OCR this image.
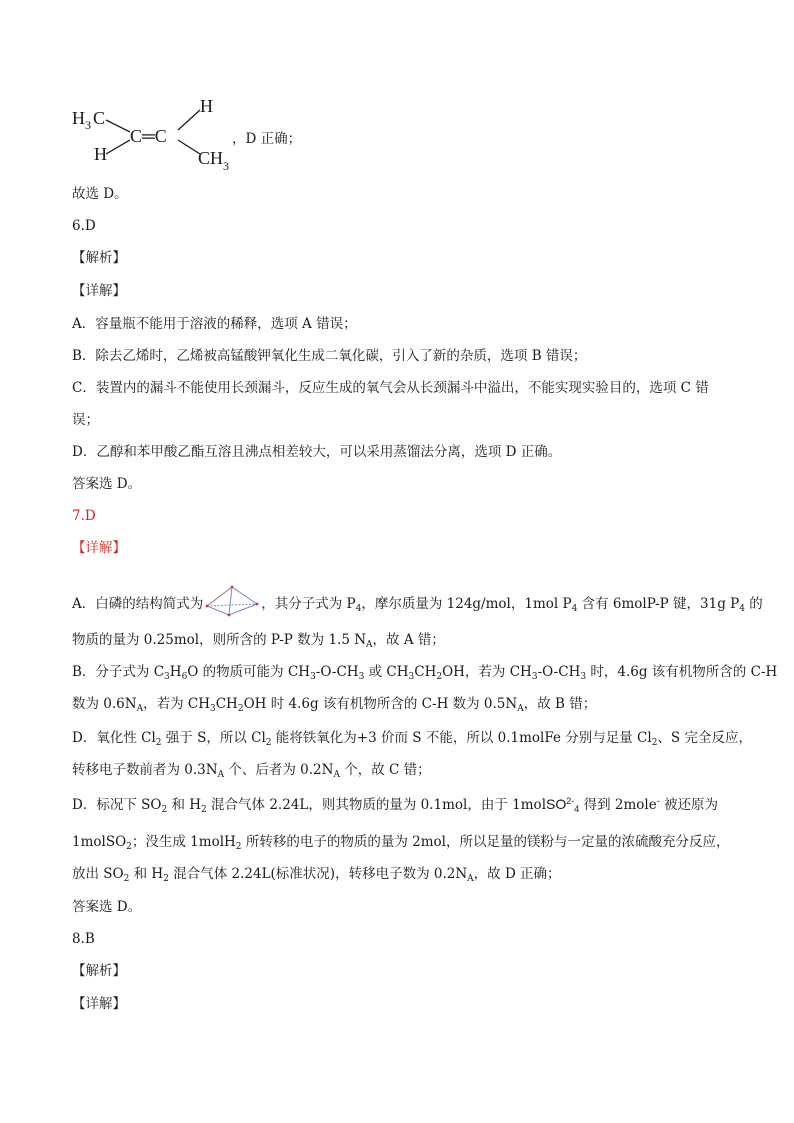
H 3 C
H
H
C═C
CH 3
，D 正确；
故选 D。
6.D
【解析】
【详解】
A．容量瓶不能用于溶液的稀释，选项 A 错误；
B．除去乙烯时，乙烯被高锰酸钾氧化生成二氧化碳，引入了新的杂质，选项 B 错误；
C．装置内的漏斗不能使用长颈漏斗，反应生成的氧气会从长颈漏斗中溢出，不能实现实验目的，选项 C 错
误；
D．乙醇和苯甲酸乙酯互溶且沸点相差较大，可以采用蒸馏法分离，选项 D 正确。
答案选 D。
7.D
【详解】
A．白磷的结构简式为	，其分子式为 $P_4$，摩尔质量为 124g/mol，1mol $P_4$ 含有 6molP-P 键，31g $P_4$ 的
物质的量为 0.25mol，则所含的 P-P 数为 1.5 $N_A$，故 A 错；
B．分子式为 $C_3H_6O$ 的物质可能为 $CH_3-O-CH_3$ 或 $CH_3CH_2OH$，若为 $CH_3-O-CH_3$ 时，4.6g 该有机物所含的 C-H
数为 $0.6N_A$，若为 $CH_3CH_2OH$ 时 4.6g 该有机物所含的 C-H 数为 $0.5N_A$，故 B 错；
D．氧化性 $Cl_2$ 强于 S，所以 $Cl_2$ 能将铁氧化为+3 价而 S 不能，所以 0.1molFe 分别与足量 $Cl_2$、S 完全反应，
转移电子数前者为 $0.3N_A$ 个、后者为 $0.2N_A$ 个，故 C 错；
D．标况下 $SO_2$ 和 $H_2$ 混合气体 2.24L，则其物质的量为 0.1mol，由于 1molSO$^{2-}_4$ 得到 2mole- 被还原为
1molSO$_2$；没生成 1molH$_2$ 所转移的电子的物质的量为 2mol，所以足量的镁粉与一定量的浓硫酸充分反应，
放出 $SO_2$ 和 $H_2$ 混合气体 2.24L(标准状况)，转移电子数为 $0.2N_A$，故 D 正确；
答案选 D。
8.B
【解析】
【详解】
